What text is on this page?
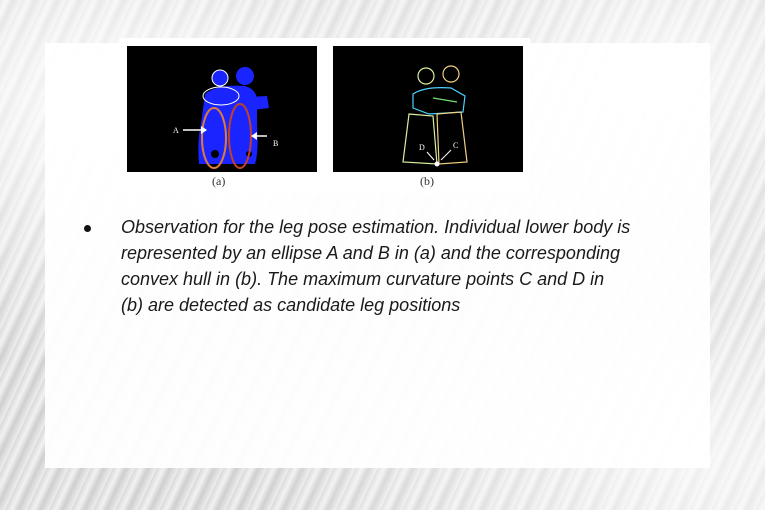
A
B	D	C
(a)	(b)

Observation for the leg pose estimation. Individual lower body is represented by an ellipse A and B in (a) and the corresponding convex hull in (b). The maximum curvature points C and D in (b) are detected as candidate leg positions
